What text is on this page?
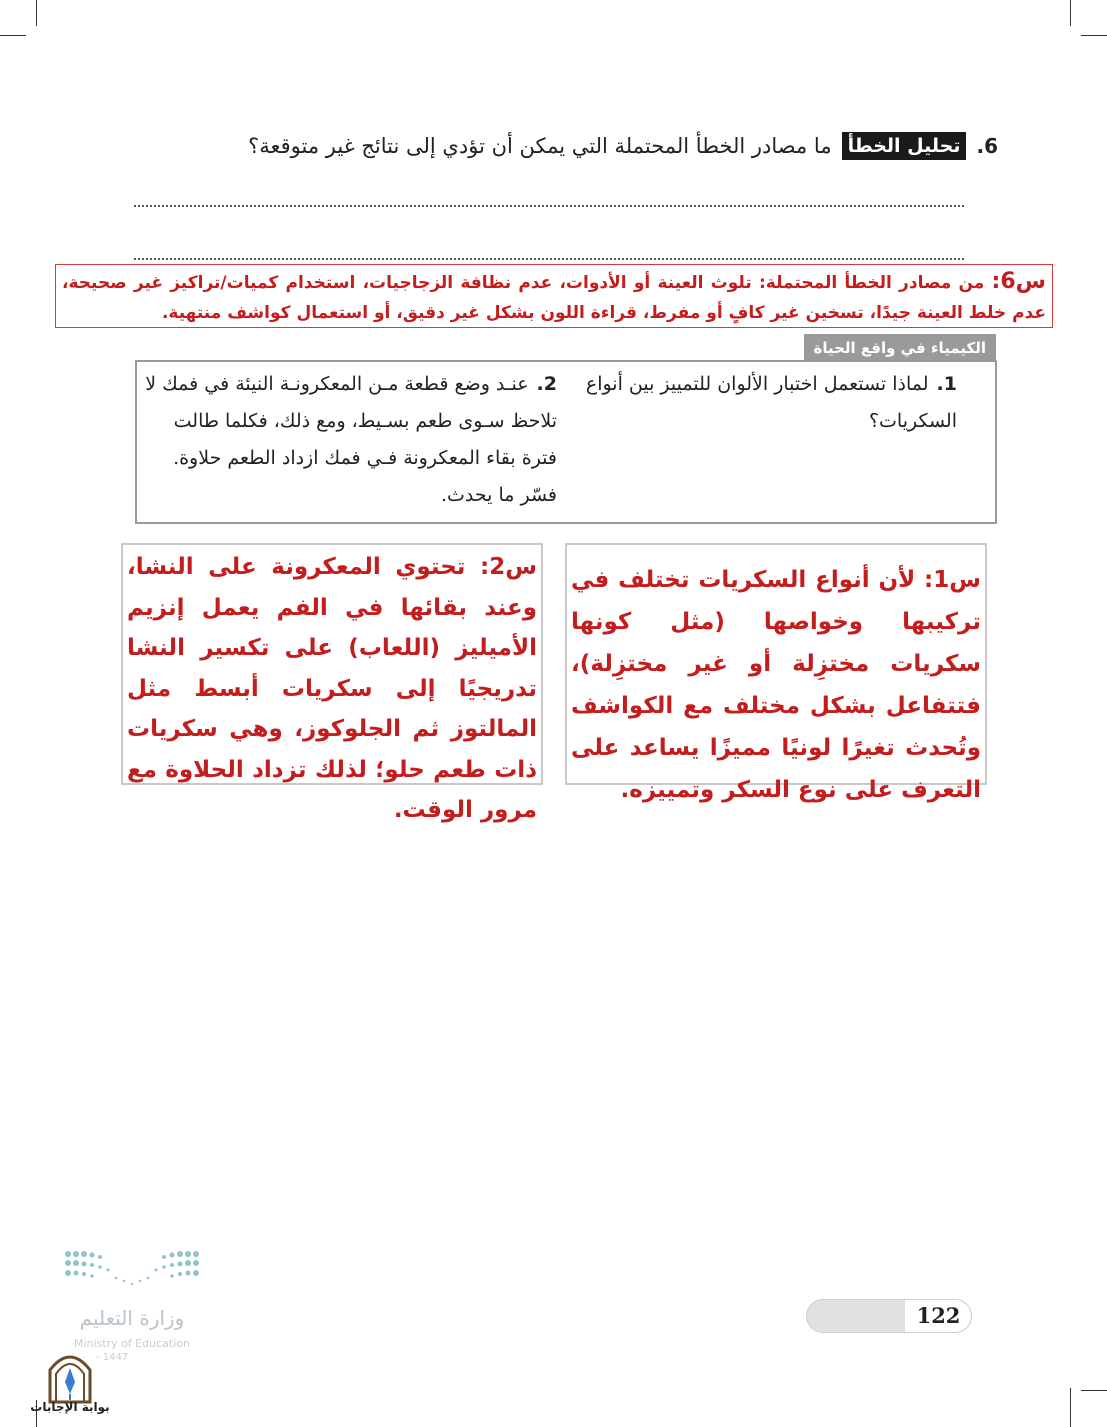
6.
تحليل الخطأ
ما مصادر الخطأ المحتملة التي يمكن أن تؤدي إلى نتائج غير متوقعة؟
س6: من مصادر الخطأ المحتملة: تلوث العينة أو الأدوات، عدم نظافة الزجاجيات، استخدام كميات/تراكيز غير صحيحة، عدم خلط العينة جيدًا، تسخين غير كافٍ أو مفرط، قراءة اللون بشكل غير دقيق، أو استعمال كواشف منتهية.
الكيمياء في واقع الحياة
1.لماذا تستعمل اختبار الألوان للتمييز بين أنواع السكريات؟
2.عنـد وضع قطعة مـن المعكرونـة النيئة في فمك لا تلاحظ سـوى طعم بسـيط، ومع ذلك، فكلما طالت فترة بقاء المعكرونة فـي فمك ازداد الطعم حلاوة. فسّر ما يحدث.
س1: لأن أنواع السكريات تختلف في تركيبها وخواصها (مثل كونها سكريات مختزِلة أو غير مختزِلة)، فتتفاعل بشكل مختلف مع الكواشف وتُحدث تغيرًا لونيًا مميزًا يساعد على التعرف على نوع السكر وتمييزه.
س2: تحتوي المعكرونة على النشا، وعند بقائها في الفم يعمل إنزيم الأميليز (اللعاب) على تكسير النشا تدريجيًا إلى سكريات أبسط مثل المالتوز ثم الجلوكوز، وهي سكريات ذات طعم حلو؛ لذلك تزداد الحلاوة مع مرور الوقت.
122
وزارة التعليم
Ministry of Education
- 1447
بوابة الإجابات
